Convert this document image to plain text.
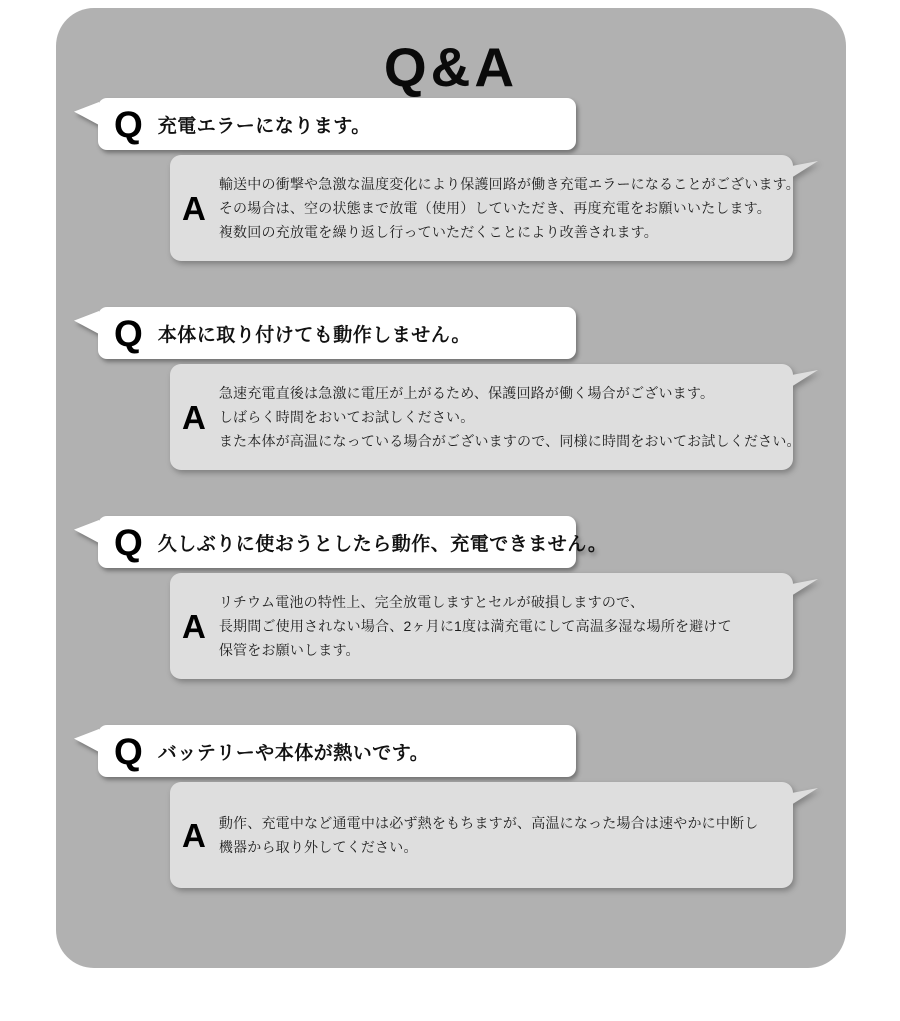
Q&A
Q 充電エラーになります。
A
輸送中の衝撃や急激な温度変化により保護回路が働き充電エラーになることがございます。
その場合は、空の状態まで放電（使用）していただき、再度充電をお願いいたします。
複数回の充放電を繰り返し行っていただくことにより改善されます。
Q 本体に取り付けても動作しません。
A
急速充電直後は急激に電圧が上がるため、保護回路が働く場合がございます。
しばらく時間をおいてお試しください。
また本体が高温になっている場合がございますので、同様に時間をおいてお試しください。
Q 久しぶりに使おうとしたら動作、充電できません。
A
リチウム電池の特性上、完全放電しますとセルが破損しますので、
長期間ご使用されない場合、2ヶ月に1度は満充電にして高温多湿な場所を避けて
保管をお願いします。
Q バッテリーや本体が熱いです。
A 動作、充電中など通電中は必ず熱をもちますが、高温になった場合は速やかに中断し
機器から取り外してください。
